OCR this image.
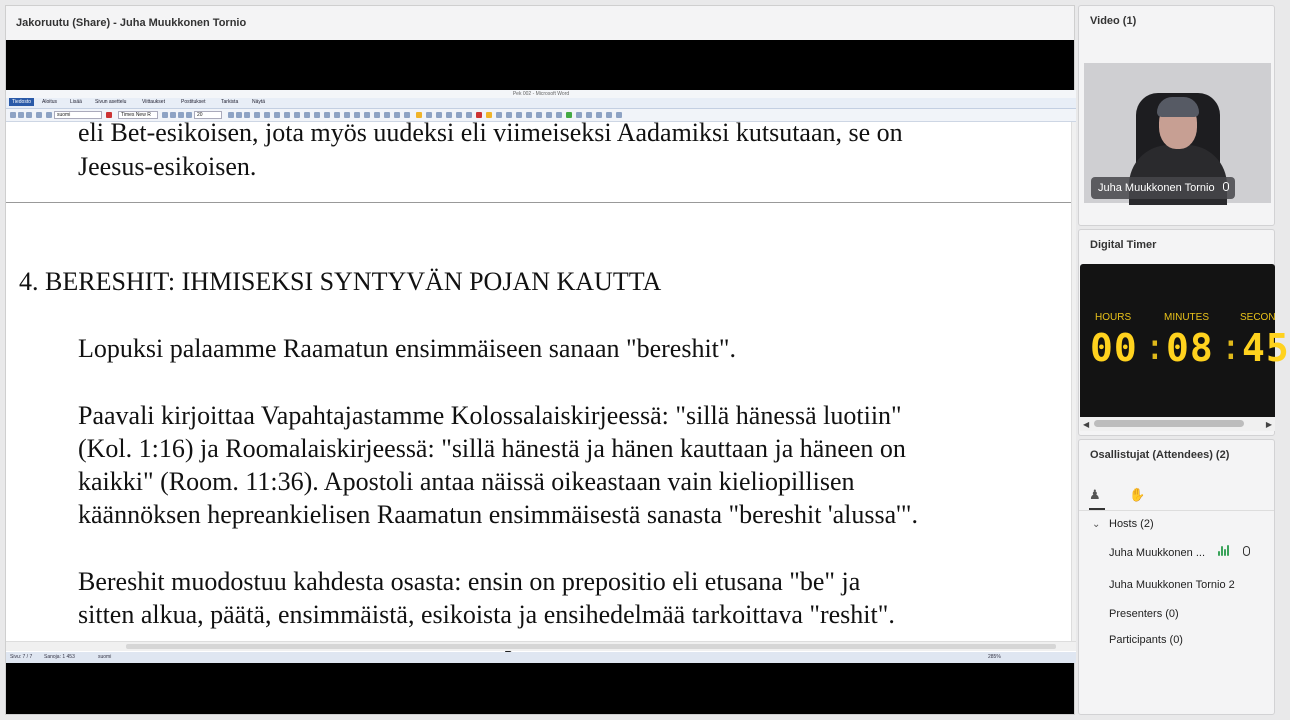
Jakoruutu (Share) - Juha Muukkonen Tornio
Pek 002 - Microsoft Word
Tiedosto	Aloitus	Lisää	Sivun asettelu	Viittaukset	Postitukset	Tarkista	Näytä
suomi	Times New R	20
eli Bet-esikoisen, jota myös uudeksi eli viimeiseksi Aadamiksi kutsutaan, se on
Jeesus-esikoisen.
4. BERESHIT: IHMISEKSI SYNTYVÄN POJAN KAUTTA
Lopuksi palaamme Raamatun ensimmäiseen sanaan "bereshit".
Paavali kirjoittaa Vapahtajastamme Kolossalaiskirjeessä: "sillä hänessä luotiin"
(Kol. 1:16) ja Roomalaiskirjeessä: "sillä hänestä ja hänen kauttaan ja häneen on
kaikki" (Room. 11:36). Apostoli antaa näissä oikeastaan vain kieliopillisen
käännöksen hepreankielisen Raamatun ensimmäisestä sanasta "bereshit 'alussa'".
Bereshit muodostuu kahdesta osasta: ensin on prepositio eli etusana "be" ja
sitten alkua, päätä, ensimmäistä, esikoista ja ensihedelmää tarkoittava "reshit".
Sivu: 7 / 7 Sanoja: 1 453	suomi	285%
Video (1)
Juha Muukkonen Tornio
Digital Timer
HOURS	MINUTES	SECON
00 : 08 : 45
◀	▶
Osallistujat (Attendees) (2)
♟ ✋
⌄ Hosts (2)
Juha Muukkonen ...
Juha Muukkonen Tornio 2
Presenters (0)
Participants (0)
